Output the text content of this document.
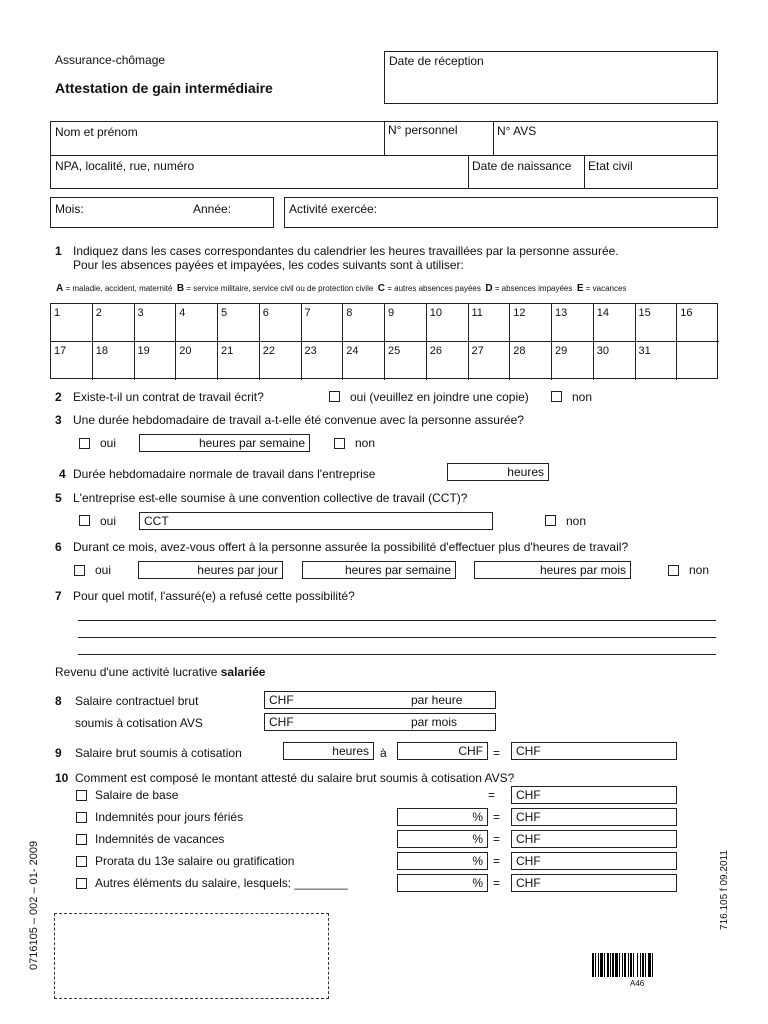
Assurance-chômage
Attestation de gain intermédiaire
Date de réception
Nom et prénom	N° personnel	N° AVS
NPA, localité, rue, numéro	Date de naissance Etat civil
Mois:	Année:	Activité exercée:
1 Indiquez dans les cases correspondantes du calendrier les heures travaillées par la personne assurée.
Pour les absences payées et impayées, les codes suivants sont à utiliser:
A = maladie, accident, maternité B = service militaire, service civil ou de protection civile C = autres absences payées D = absences impayées E = vacances
1	2	3	4	5	6	7	8	9	10	11	12	13	14	15	16
17	18	19	20	21	22	23	24	25	26	27	28	29	30	31
2 Existe-t-il un contrat de travail écrit?	oui (veuillez en joindre une copie)	non
3 Une durée hebdomadaire de travail a-t-elle été convenue avec la personne assurée?
oui	heures par semaine	non
4 Durée hebdomadaire normale de travail dans l'entreprise	heures
5 L'entreprise est-elle soumise à une convention collective de travail (CCT)?
oui CCT	non
6 Durant ce mois, avez-vous offert à la personne assurée la possibilité d'effectuer plus d'heures de travail?
oui	heures par jour	heures par semaine	heures par mois	non
7 Pour quel motif, l'assuré(e) a refusé cette possibilité?
Revenu d'une activité lucrative salariée
8 Salaire contractuel brut
soumis à cotisation AVS
CHF	par heure
CHF	par mois
9 Salaire brut soumis à cotisation	heures à	CHF = CHF
10 Comment est composé le montant attesté du salaire brut soumis à cotisation AVS?
Salaire de base	= CHF
Indemnités pour jours fériés	% = CHF
Indemnités de vacances	% = CHF
Prorata du 13e salaire ou gratification	% = CHF
Autres éléments du salaire, lesquels: ________	% = CHF
0716105 – 002 – 01- 2009	716.105 f 09.2011
A46
